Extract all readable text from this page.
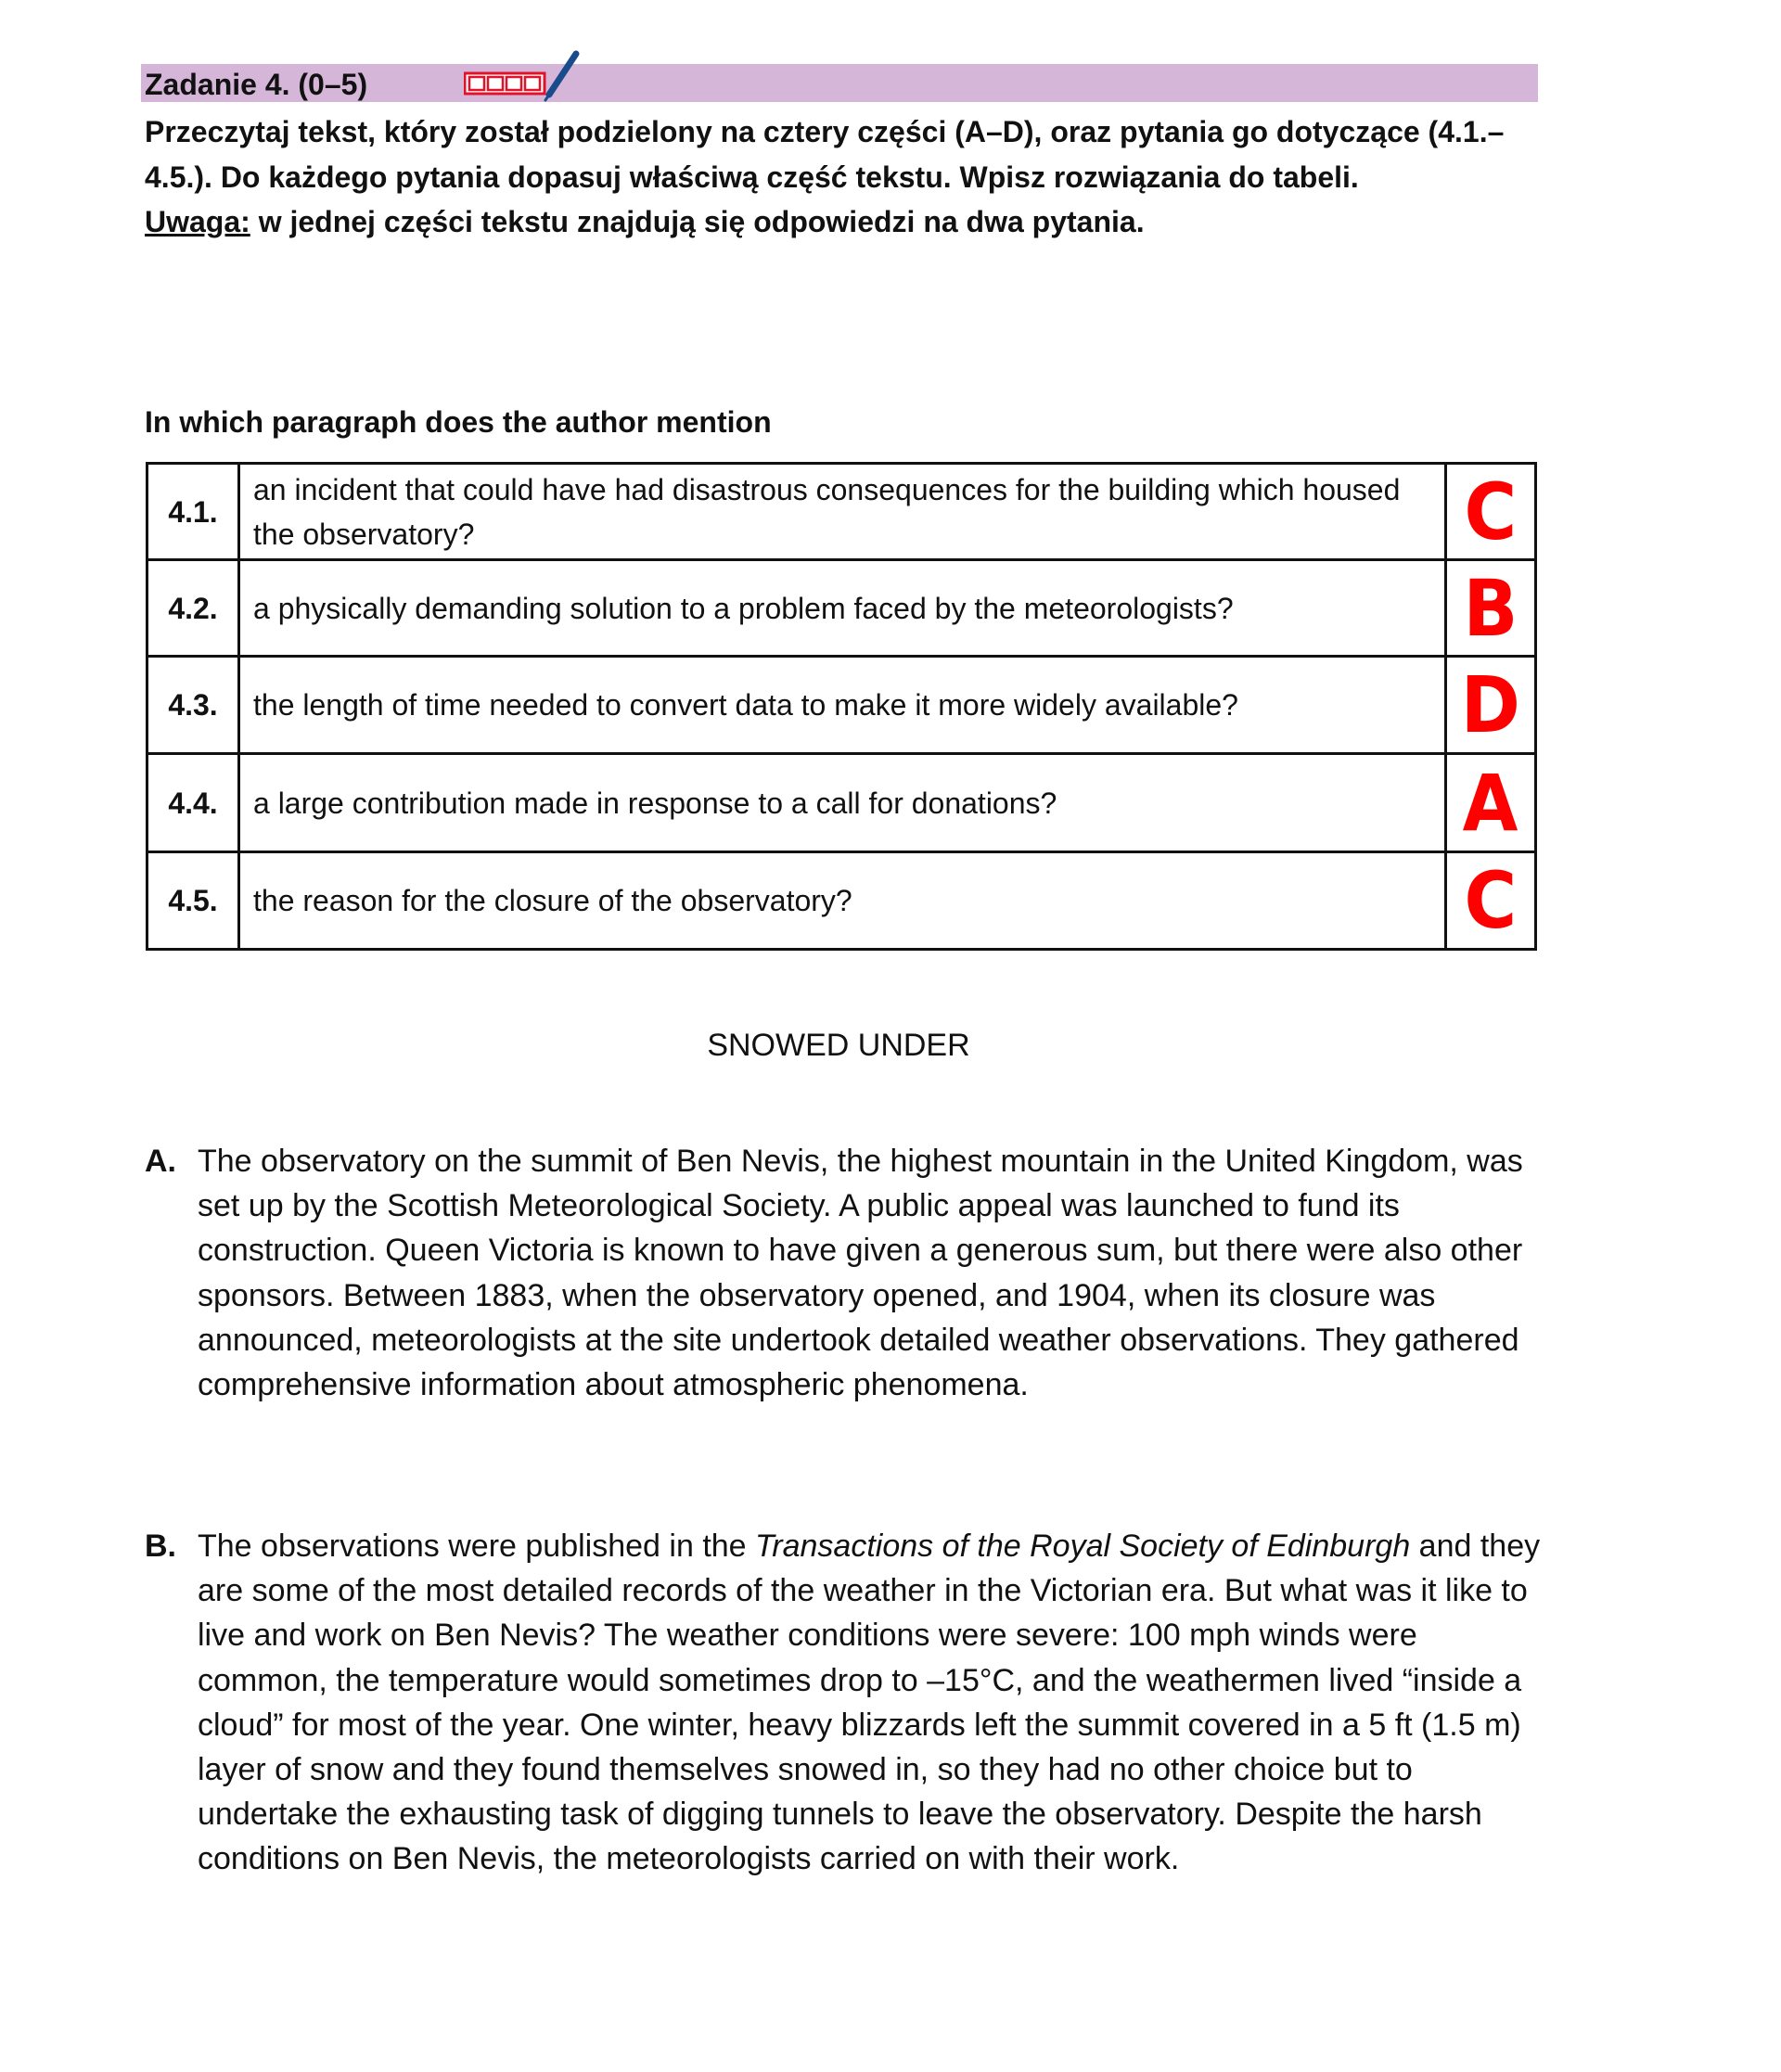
Zadanie 4. (0–5)

Przeczytaj tekst, który został podzielony na cztery części (A–D), oraz pytania go dotyczące (4.1.–4.5.). Do każdego pytania dopasuj właściwą część tekstu. Wpisz rozwiązania do tabeli.

Uwaga: w jednej części tekstu znajdują się odpowiedzi na dwa pytania.

In which paragraph does the author mention
4.1.	an incident that could have had disastrous consequences for the building which housed the observatory?	C
4.2.	a physically demanding solution to a problem faced by the meteorologists?	B
4.3.	the length of time needed to convert data to make it more widely available?	D
4.4.	a large contribution made in response to a call for donations?	A
4.5.	the reason for the closure of the observatory?	C
SNOWED UNDER
A. The observatory on the summit of Ben Nevis, the highest mountain in the United Kingdom, was set up by the Scottish Meteorological Society. A public appeal was launched to fund its construction. Queen Victoria is known to have given a generous sum, but there were also other sponsors. Between 1883, when the observatory opened, and 1904, when its closure was announced, meteorologists at the site undertook detailed weather observations. They gathered comprehensive information about atmospheric phenomena.
B. The observations were published in the Transactions of the Royal Society of Edinburgh and they are some of the most detailed records of the weather in the Victorian era. But what was it like to live and work on Ben Nevis? The weather conditions were severe: 100 mph winds were common, the temperature would sometimes drop to –15°C, and the weathermen lived “inside a cloud” for most of the year. One winter, heavy blizzards left the summit covered in a 5 ft (1.5 m) layer of snow and they found themselves snowed in, so they had no other choice but to undertake the exhausting task of digging tunnels to leave the observatory. Despite the harsh conditions on Ben Nevis, the meteorologists carried on with their work.
